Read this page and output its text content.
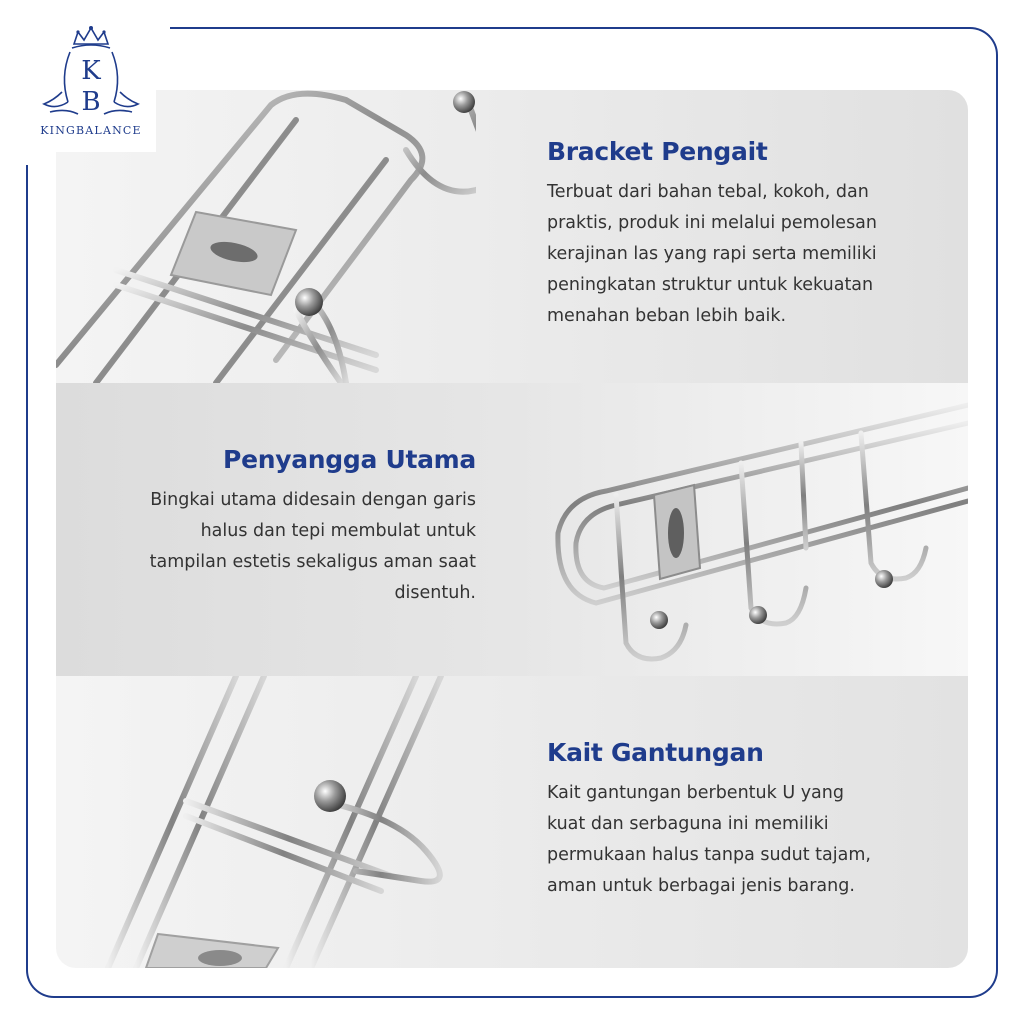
Bracket Pengait
Terbuat dari bahan tebal, kokoh, dan
praktis, produk ini melalui pemolesan
kerajinan las yang rapi serta memiliki
peningkatan struktur untuk kekuatan
menahan beban lebih baik.
Penyangga Utama
Bingkai utama didesain dengan garis
halus dan tepi membulat untuk
tampilan estetis sekaligus aman saat
disentuh.
Kait Gantungan
Kait gantungan berbentuk U yang
kuat dan serbaguna ini memiliki
permukaan halus tanpa sudut tajam,
aman untuk berbagai jenis barang.
K
B
KINGBALANCE
